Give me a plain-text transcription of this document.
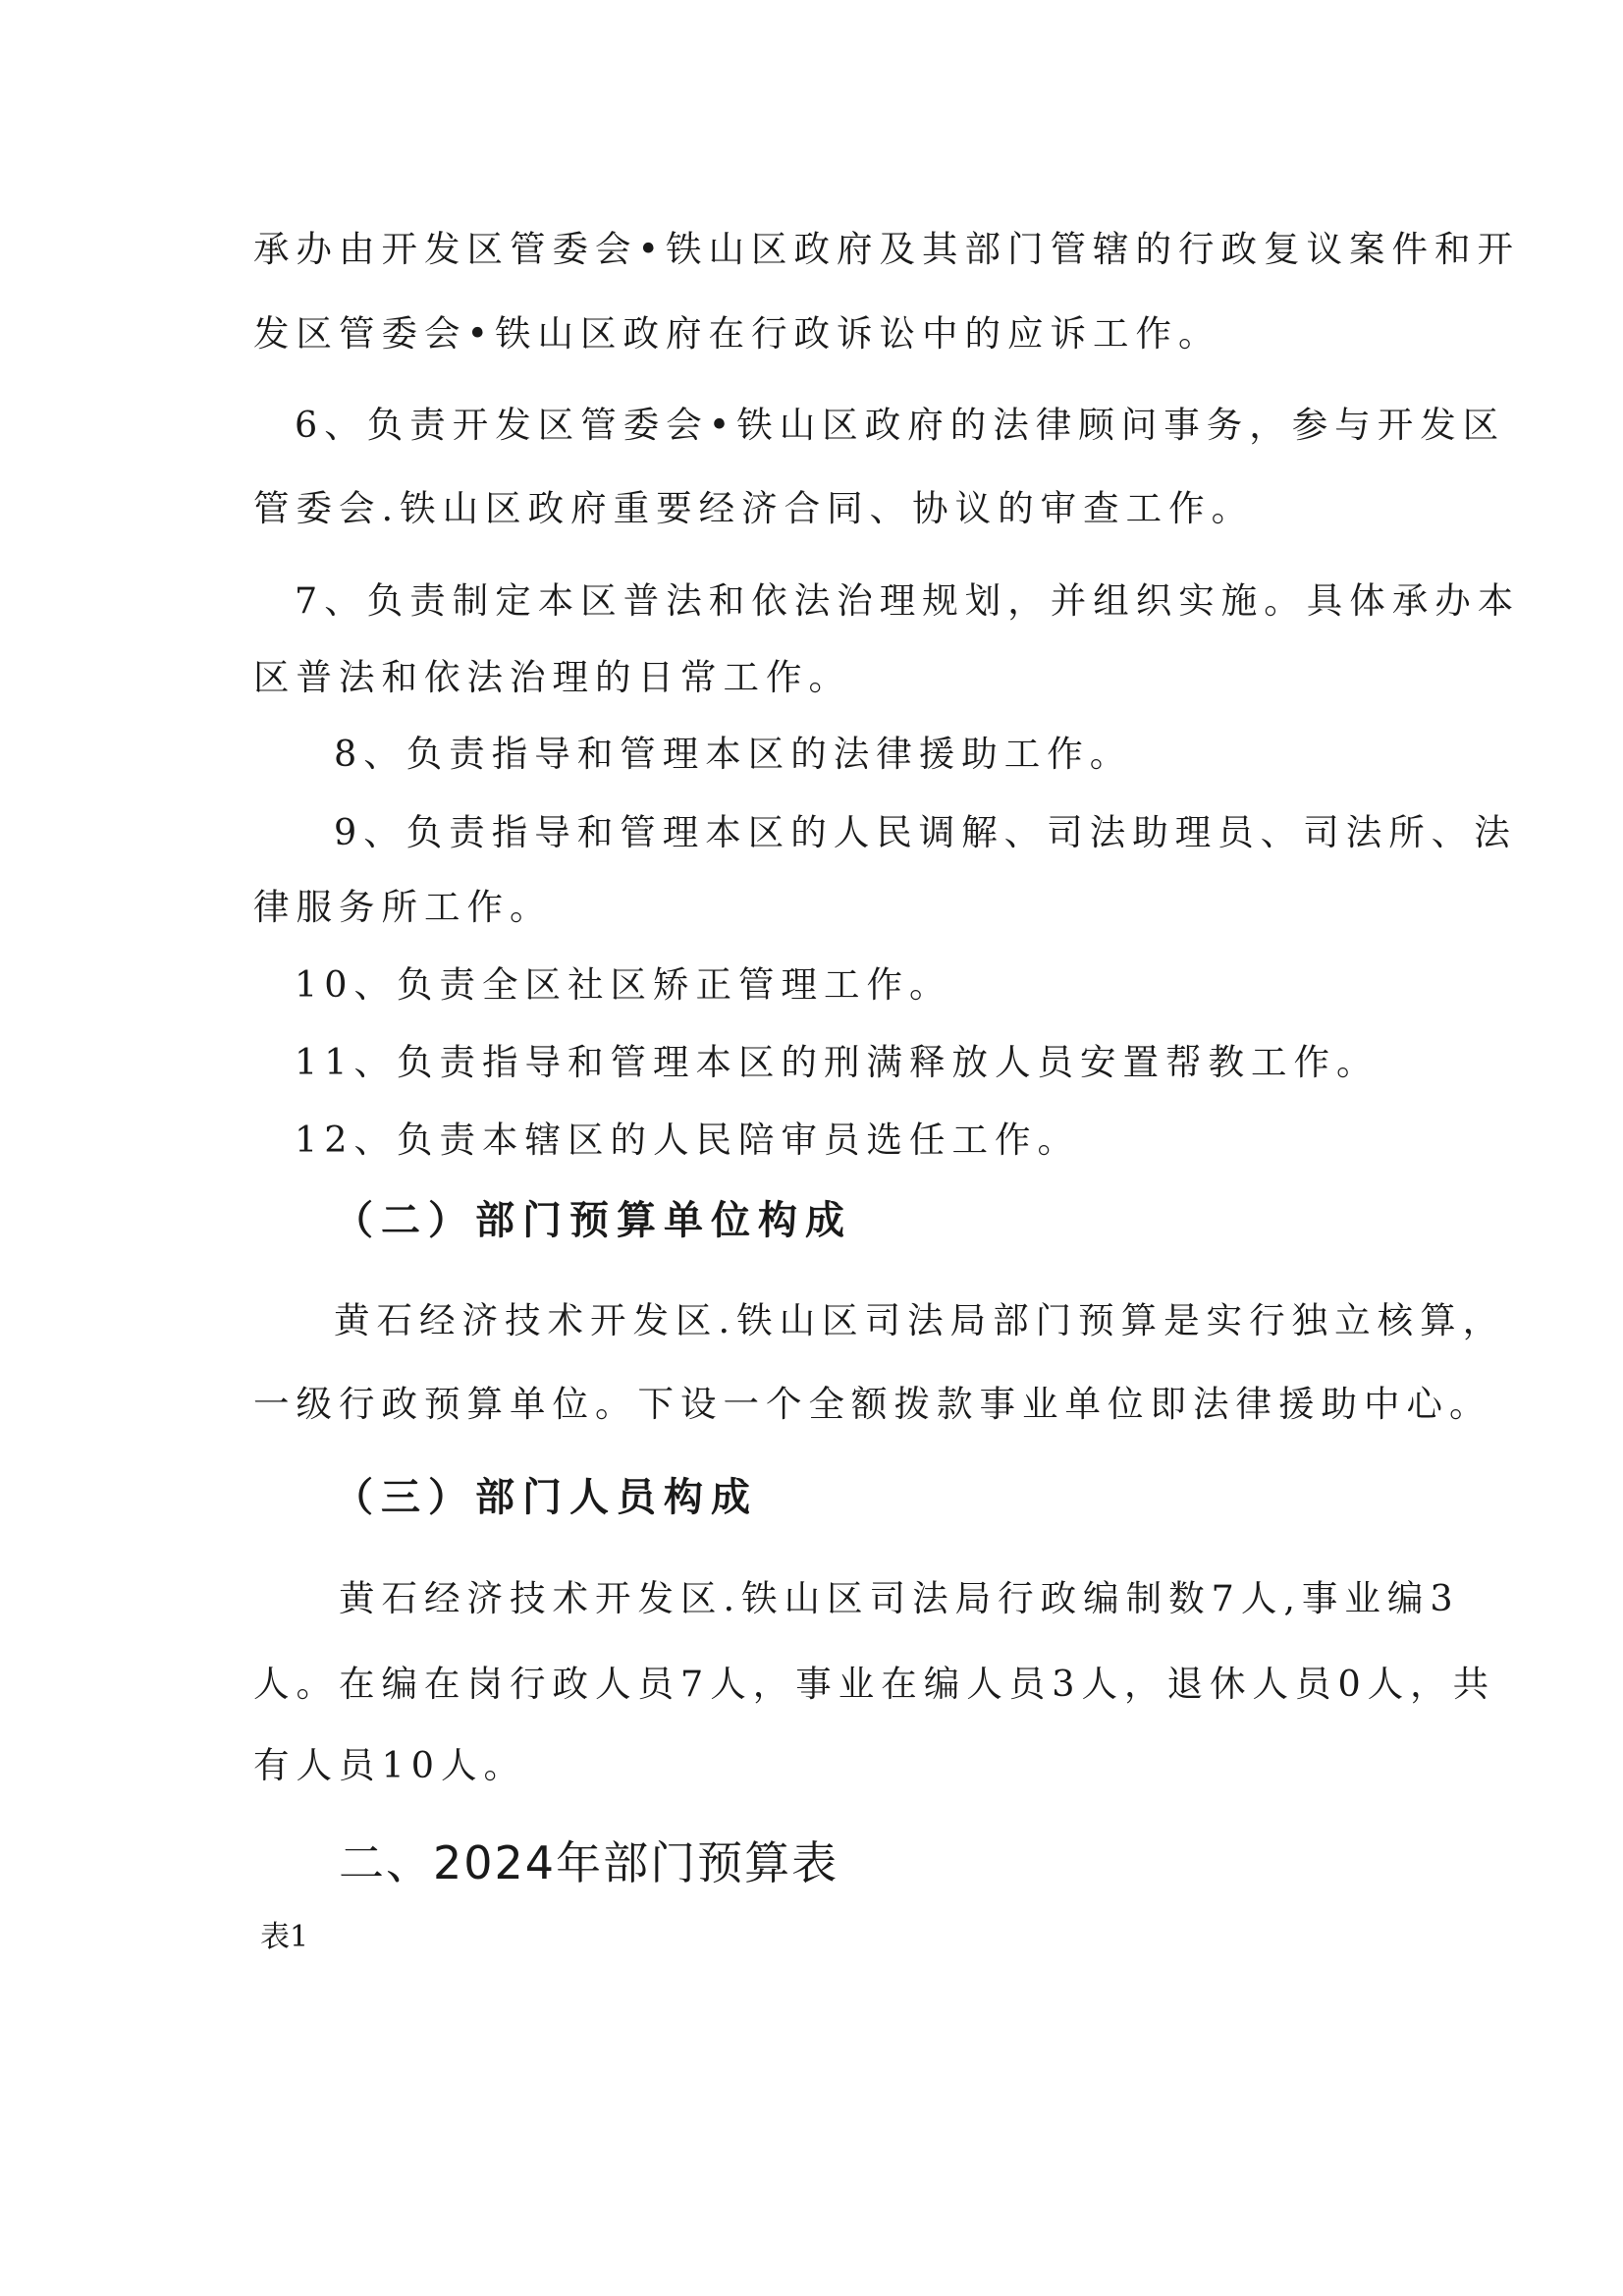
承办由开发区管委会•铁山区政府及其部门管辖的行政复议案件和开
发区管委会•铁山区政府在行政诉讼中的应诉工作。
6、负责开发区管委会•铁山区政府的法律顾问事务，参与开发区
管委会.铁山区政府重要经济合同、协议的审查工作。
7、负责制定本区普法和依法治理规划，并组织实施。具体承办本
区普法和依法治理的日常工作。
8、负责指导和管理本区的法律援助工作。
9、负责指导和管理本区的人民调解、司法助理员、司法所、法
律服务所工作。
10、负责全区社区矫正管理工作。
11、负责指导和管理本区的刑满释放人员安置帮教工作。
12、负责本辖区的人民陪审员选任工作。
（二）部门预算单位构成
黄石经济技术开发区.铁山区司法局部门预算是实行独立核算，
一级行政预算单位。下设一个全额拨款事业单位即法律援助中心。
（三）部门人员构成
黄石经济技术开发区.铁山区司法局行政编制数7人,事业编3
人。在编在岗行政人员7人，事业在编人员3人，退休人员0人，共
有人员10人。
二、2024年部门预算表
表1
